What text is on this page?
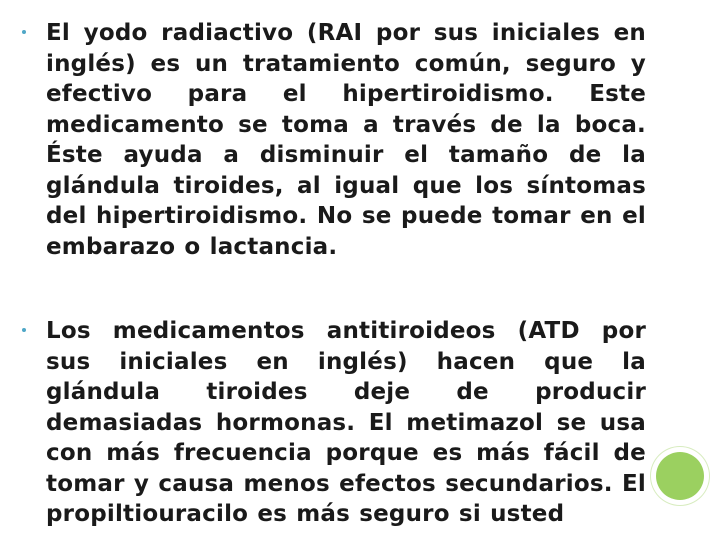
El yodo radiactivo (RAI por sus iniciales en inglés) es un tratamiento común, seguro y efectivo para el hipertiroidismo. Este medicamento se toma a través de la boca. Éste ayuda a disminuir el tamaño de la glándula tiroides, al igual que los síntomas del hipertiroidismo. No se puede tomar en el embarazo o lactancia.

Los medicamentos antitiroideos (ATD por sus iniciales en inglés) hacen que la glándula tiroides deje de producir demasiadas hormonas. El metimazol se usa con más frecuencia porque es más fácil de tomar y causa menos efectos secundarios. El propiltiouracilo es más seguro si usted
